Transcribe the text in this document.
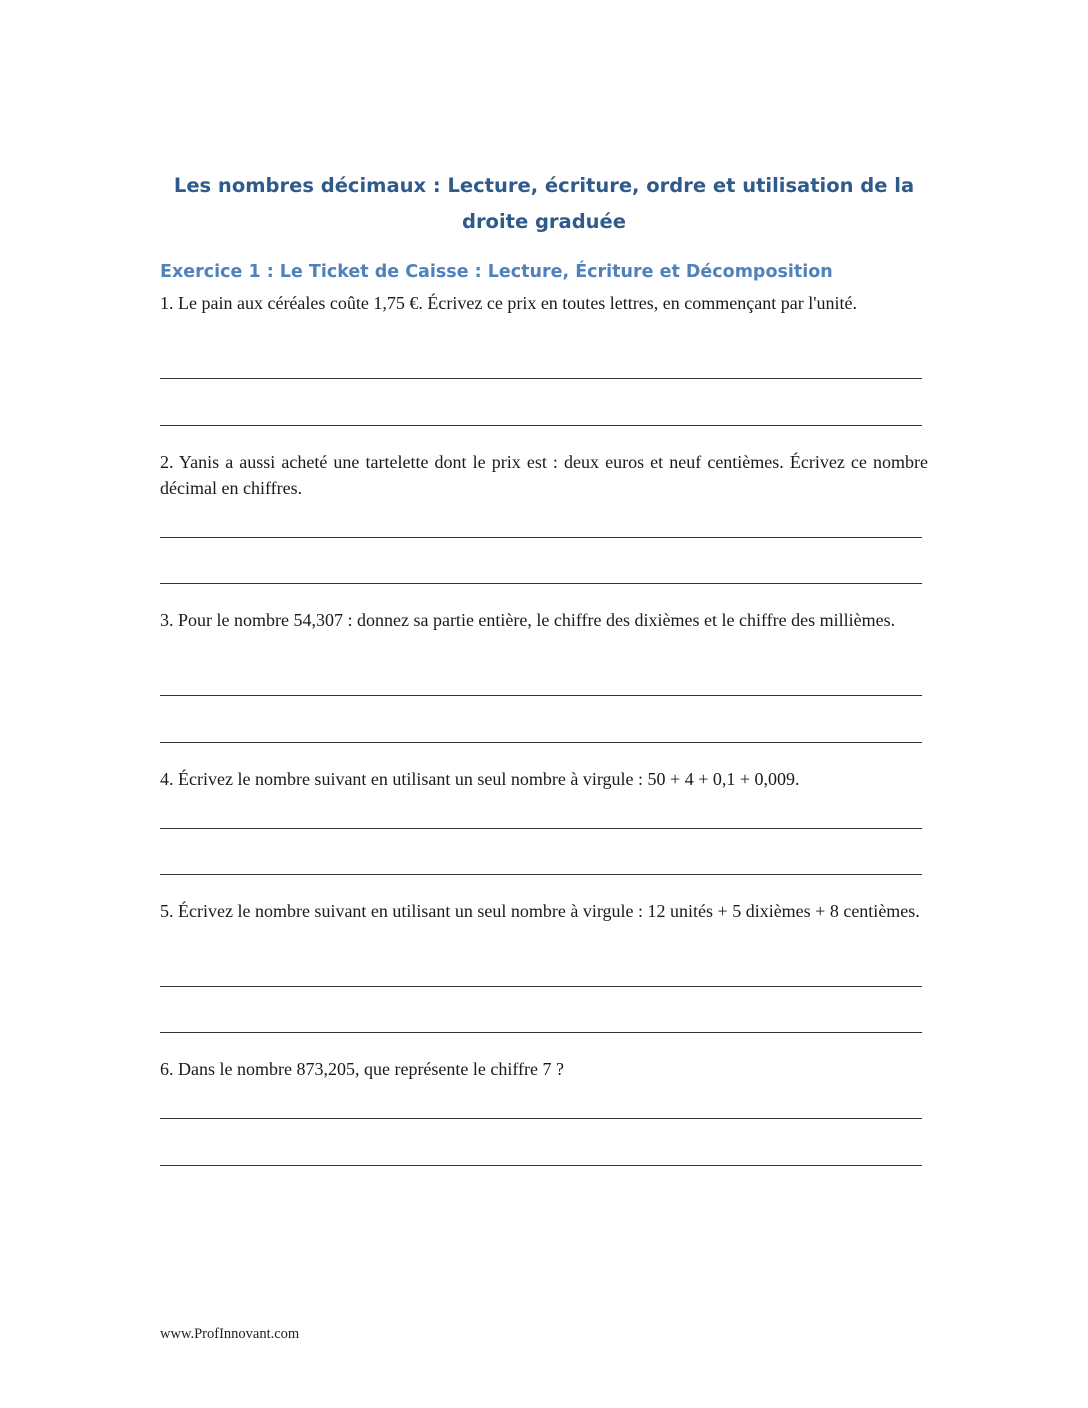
Les nombres décimaux : Lecture, écriture, ordre et utilisation de la droite graduée
Exercice 1 : Le Ticket de Caisse : Lecture, Écriture et Décomposition

1. Le pain aux céréales coûte 1,75 €. Écrivez ce prix en toutes lettres, en commençant par l'unité.

2. Yanis a aussi acheté une tartelette dont le prix est : deux euros et neuf centièmes. Écrivez ce nombre décimal en chiffres.

3. Pour le nombre 54,307 : donnez sa partie entière, le chiffre des dixièmes et le chiffre des millièmes.

4. Écrivez le nombre suivant en utilisant un seul nombre à virgule : 50 + 4 + 0,1 + 0,009.

5. Écrivez le nombre suivant en utilisant un seul nombre à virgule : 12 unités + 5 dixièmes + 8 centièmes.

6. Dans le nombre 873,205, que représente le chiffre 7 ?

www.ProfInnovant.com
